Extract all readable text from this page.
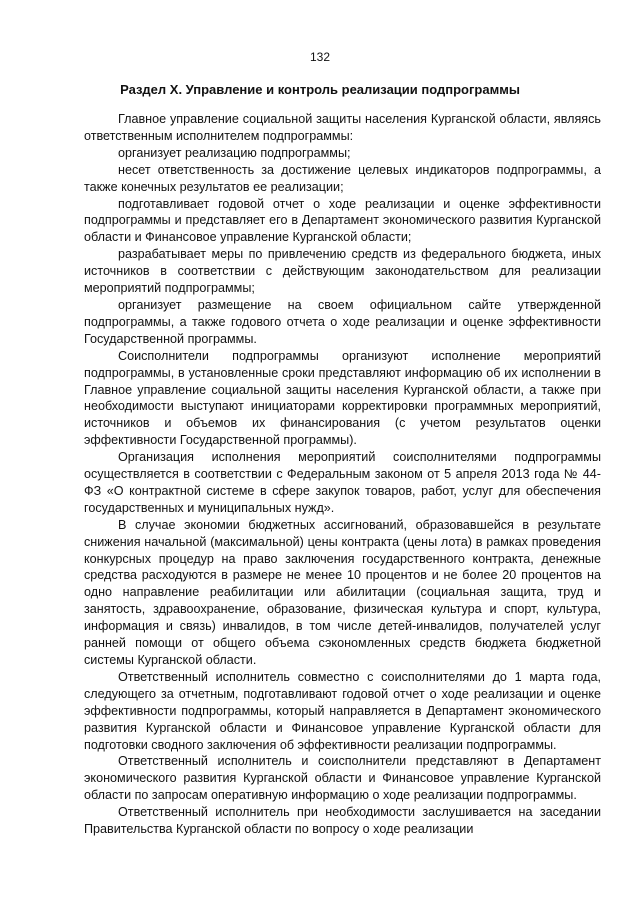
132
Раздел X. Управление и контроль реализации подпрограммы

Главное управление социальной защиты населения Курганской области, являясь ответственным исполнителем подпрограммы:

организует реализацию подпрограммы;

несет ответственность за достижение целевых индикаторов подпрограммы, а также конечных результатов ее реализации;

подготавливает годовой отчет о ходе реализации и оценке эффективности подпрограммы и представляет его в Департамент экономического развития Курганской области и Финансовое управление Курганской области;

разрабатывает меры по привлечению средств из федерального бюджета, иных источников в соответствии с действующим законодательством для реализации мероприятий подпрограммы;

организует размещение на своем официальном сайте утвержденной подпрограммы, а также годового отчета о ходе реализации и оценке эффективности Государственной программы.

Соисполнители подпрограммы организуют исполнение мероприятий подпрограммы, в установленные сроки представляют информацию об их исполнении в Главное управление социальной защиты населения Курганской области, а также при необходимости выступают инициаторами корректировки программных мероприятий, источников и объемов их финансирования (с учетом результатов оценки эффективности Государственной программы).

Организация исполнения мероприятий соисполнителями подпрограммы осуществляется в соответствии с Федеральным законом от 5 апреля 2013 года № 44- ФЗ «О контрактной системе в сфере закупок товаров, работ, услуг для обеспечения государственных и муниципальных нужд».

В случае экономии бюджетных ассигнований, образовавшейся в результате снижения начальной (максимальной) цены контракта (цены лота) в рамках проведения конкурсных процедур на право заключения государственного контракта, денежные средства расходуются в размере не менее 10 процентов и не более 20 процентов на одно направление реабилитации или абилитации (социальная защита, труд и занятость, здравоохранение, образование, физическая культура и спорт, культура, информация и связь) инвалидов, в том числе детей-инвалидов, получателей услуг ранней помощи от общего объема сэкономленных средств бюджета бюджетной системы Курганской области.

Ответственный исполнитель совместно с соисполнителями до 1 марта года, следующего за отчетным, подготавливают годовой отчет о ходе реализации и оценке эффективности подпрограммы, который направляется в Департамент экономического развития Курганской области и Финансовое управление Курганской области для подготовки сводного заключения об эффективности реализации подпрограммы.

Ответственный исполнитель и соисполнители представляют в Департамент экономического развития Курганской области и Финансовое управление Курганской области по запросам оперативную информацию о ходе реализации подпрограммы.

Ответственный исполнитель при необходимости заслушивается на заседании Правительства Курганской области по вопросу о ходе реализации
